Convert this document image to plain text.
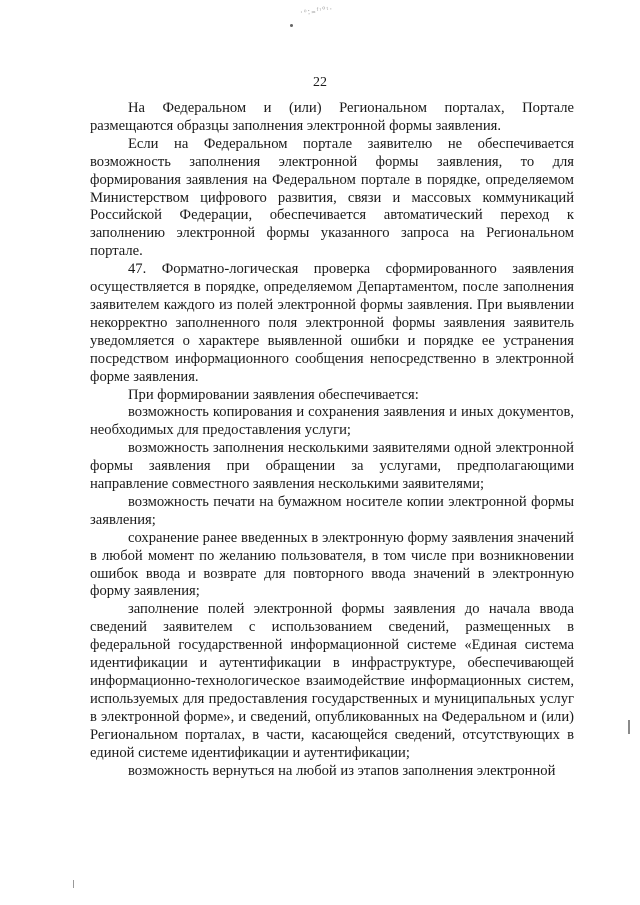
·ᵒ:₌ᶠᶦ°ᵗ·
22

На Федеральном и (или) Региональном порталах, Портале размещаются образцы заполнения электронной формы заявления.

Если на Федеральном портале заявителю не обеспечивается возможность заполнения электронной формы заявления, то для формирования заявления на Федеральном портале в порядке, определяемом Министерством цифрового развития, связи и массовых коммуникаций Российской Федерации, обеспечивается автоматический переход к заполнению электронной формы указанного запроса на Региональном портале.

47. Форматно-логическая проверка сформированного заявления осуществляется в порядке, определяемом Департаментом, после заполнения заявителем каждого из полей электронной формы заявления. При выявлении некорректно заполненного поля электронной формы заявления заявитель уведомляется о характере выявленной ошибки и порядке ее устранения посредством информационного сообщения непосредственно в электронной форме заявления.

При формировании заявления обеспечивается:

возможность копирования и сохранения заявления и иных документов, необходимых для предоставления услуги;

возможность заполнения несколькими заявителями одной электронной формы заявления при обращении за услугами, предполагающими направление совместного заявления несколькими заявителями;

возможность печати на бумажном носителе копии электронной формы заявления;

сохранение ранее введенных в электронную форму заявления значений в любой момент по желанию пользователя, в том числе при возникновении ошибок ввода и возврате для повторного ввода значений в электронную форму заявления;

заполнение полей электронной формы заявления до начала ввода сведений заявителем с использованием сведений, размещенных в федеральной государственной информационной системе «Единая система идентификации и аутентификации в инфраструктуре, обеспечивающей информационно-технологическое взаимодействие информационных систем, используемых для предоставления государственных и муниципальных услуг в электронной форме», и сведений, опубликованных на Федеральном и (или) Региональном порталах, в части, касающейся сведений, отсутствующих в единой системе идентификации и аутентификации;

возможность вернуться на любой из этапов заполнения электронной
